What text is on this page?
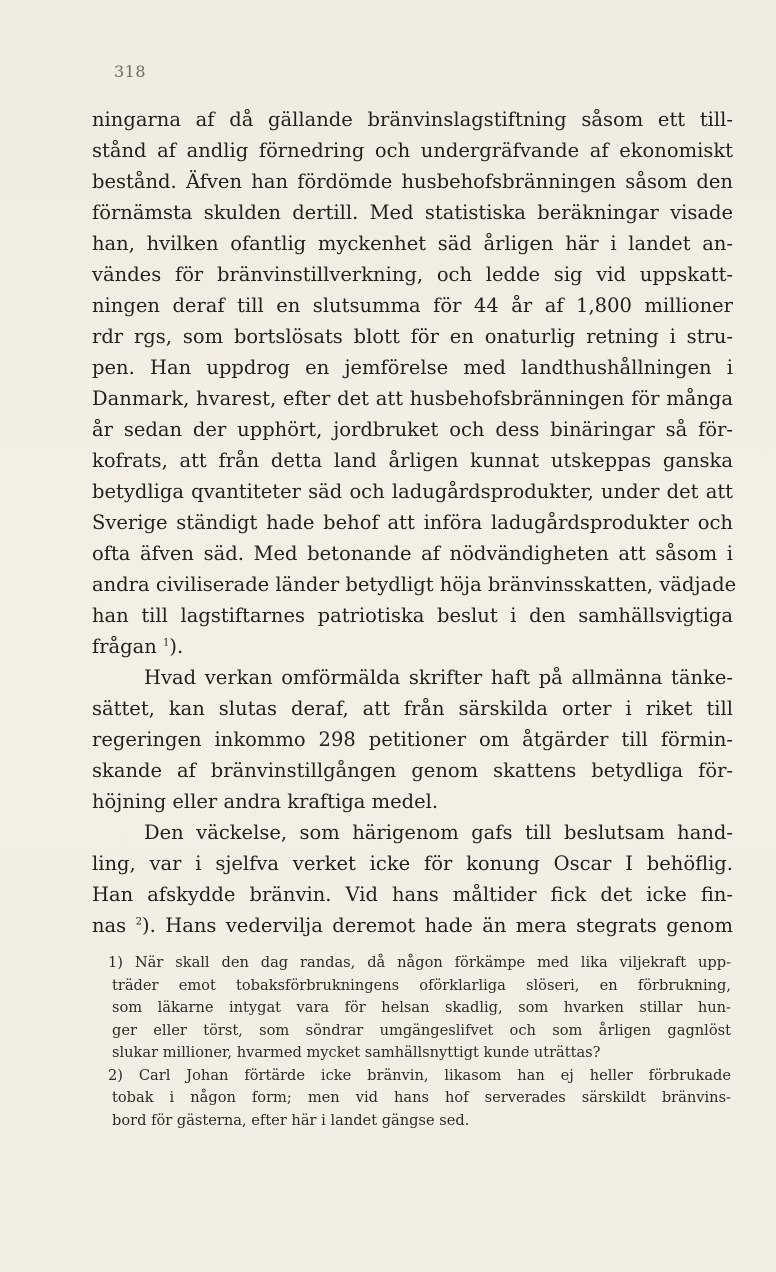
318
ningarna af då gällande bränvinslagstiftning såsom ett till-
stånd af andlig förnedring och undergräfvande af ekonomiskt
bestånd. Äfven han fördömde husbehofsbränningen såsom den
förnämsta skulden dertill. Med statistiska beräkningar visade
han, hvilken ofantlig myckenhet säd årligen här i landet an-
vändes för bränvinstillverkning, och ledde sig vid uppskatt-
ningen deraf till en slutsumma för 44 år af 1,800 millioner
rdr rgs, som bortslösats blott för en onaturlig retning i stru-
pen. Han uppdrog en jemförelse med landthushållningen i
Danmark, hvarest, efter det att husbehofsbränningen för många
år sedan der upphört, jordbruket och dess binäringar så för-
kofrats, att från detta land årligen kunnat utskeppas ganska
betydliga qvantiteter säd och ladugårdsprodukter, under det att
Sverige ständigt hade behof att införa ladugårdsprodukter och
ofta äfven säd. Med betonande af nödvändigheten att såsom i
andra civiliserade länder betydligt höja bränvinsskatten, vädjade
han till lagstiftarnes patriotiska beslut i den samhällsvigtiga
frågan $^1$).
Hvad verkan omförmälda skrifter haft på allmänna tänke-
sättet, kan slutas deraf, att från särskilda orter i riket till
regeringen inkommo 298 petitioner om åtgärder till förmin-
skande af bränvinstillgången genom skattens betydliga för-
höjning eller andra kraftiga medel.
Den väckelse, som härigenom gafs till beslutsam hand-
ling, var i sjelfva verket icke för konung Oscar I behöflig.
Han afskydde bränvin. Vid hans måltider fick det icke fin-
nas $^2$). Hans vedervilja deremot hade än mera stegrats genom
1) När skall den dag randas, då någon förkämpe med lika viljekraft upp-
träder emot tobaksförbrukningens oförklarliga slöseri, en förbrukning,
som läkarne intygat vara för helsan skadlig, som hvarken stillar hun-
ger eller törst, som söndrar umgängeslifvet och som årligen gagnlöst
slukar millioner, hvarmed mycket samhällsnyttigt kunde uträttas?
2) Carl Johan förtärde icke bränvin, likasom han ej heller förbrukade
tobak i någon form; men vid hans hof serverades särskildt bränvins-
bord för gästerna, efter här i landet gängse sed.
